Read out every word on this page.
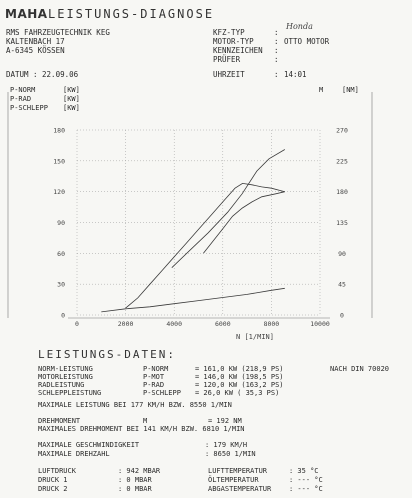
MAHA LEISTUNGS-DIAGNOSE
RMS FAHRZEUGTECHNIK KEG
KALTENBACH 17
A-6345 KÖSSEN
KFZ-TYP	:
Honda
MOTOR-TYP	: OTTO MOTOR
KENNZEICHEN :
PRÜFER	:
DATUM : 22.09.06	UHRZEIT	: 14:01
P-NORM	[KW]
P-RAD	[KW]
P-SCHLEPP [KW]
M	[NM]
0
30
60
90
120
150
180
0
45
90
135
180
225
270
0	2000	4000	6000	8000	10000
N [1/MIN]
LEISTUNGS-DATEN:
NORM-LEISTUNG	P-NORM	= 161,0 KW (218,9 PS)	NACH DIN 70020
MOTORLEISTUNG	P-MOT	= 146,0 KW (198,5 PS)
RADLEISTUNG	P-RAD	= 120,0 KW (163,2 PS)
SCHLEPPLEISTUNG	P-SCHLEPP = 26,0 KW ( 35,3 PS)
MAXIMALE LEISTUNG BEI 177 KM/H BZW. 8550 1/MIN
DREHMOMENT	M	= 192 NM
MAXIMALES DREHMOMENT BEI 141 KM/H BZW. 6810 1/MIN
MAXIMALE GESCHWINDIGKEIT	: 179 KM/H
MAXIMALE DREHZAHL	: 8650 1/MIN
LUFTDRUCK	: 942 MBAR
DRUCK 1	: 0 MBAR
DRUCK 2	: 0 MBAR
LUFTTEMPERATUR	: 35 °C
ÖLTEMPERATUR	: --- °C
ABGASTEMPERATUR	: --- °C
